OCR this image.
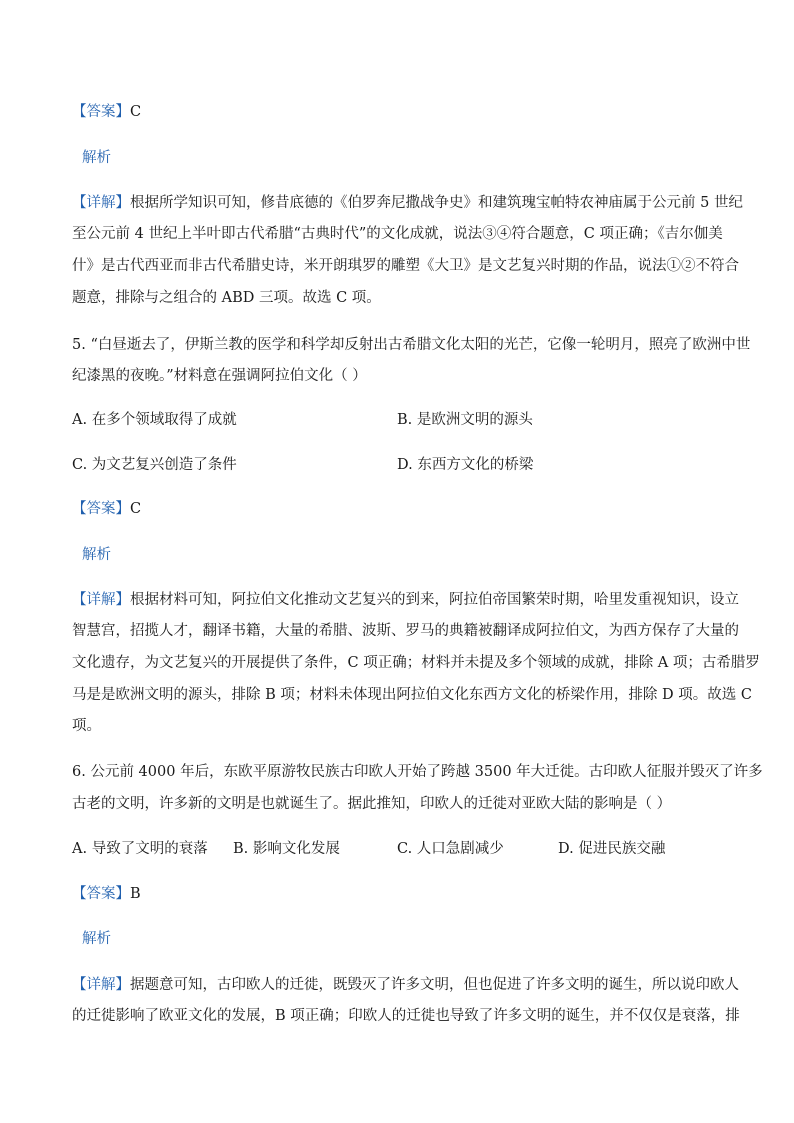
【答案】C
解析
【详解】根据所学知识可知，修昔底德的《伯罗奔尼撒战争史》和建筑瑰宝帕特农神庙属于公元前 5 世纪
至公元前 4 世纪上半叶即古代希腊“古典时代”的文化成就，说法③④符合题意，C 项正确；《吉尔伽美
什》是古代西亚而非古代希腊史诗，米开朗琪罗的雕塑《大卫》是文艺复兴时期的作品，说法①②不符合
题意，排除与之组合的 ABD 三项。故选 C 项。
5. “白昼逝去了，伊斯兰教的医学和科学却反射出古希腊文化太阳的光芒，它像一轮明月，照亮了欧洲中世
纪漆黑的夜晚。”材料意在强调阿拉伯文化（ ）
A. 在多个领域取得了成就	B. 是欧洲文明的源头
C. 为文艺复兴创造了条件	D. 东西方文化的桥梁
【答案】C
解析
【详解】根据材料可知，阿拉伯文化推动文艺复兴的到来，阿拉伯帝国繁荣时期，哈里发重视知识，设立
智慧宫，招揽人才，翻译书籍，大量的希腊、波斯、罗马的典籍被翻译成阿拉伯文，为西方保存了大量的
文化遗存，为文艺复兴的开展提供了条件，C 项正确；材料并未提及多个领域的成就，排除 A 项；古希腊罗
马是是欧洲文明的源头，排除 B 项；材料未体现出阿拉伯文化东西方文化的桥梁作用，排除 D 项。故选 C
项。
6. 公元前 4000 年后，东欧平原游牧民族古印欧人开始了跨越 3500 年大迁徙。古印欧人征服并毁灭了许多
古老的文明，许多新的文明是也就诞生了。据此推知，印欧人的迁徙对亚欧大陆的影响是（ ）
A. 导致了文明的衰落 B. 影响文化发展	C. 人口急剧减少	D. 促进民族交融
【答案】B
解析
【详解】据题意可知，古印欧人的迁徙，既毁灭了许多文明，但也促进了许多文明的诞生，所以说印欧人
的迁徙影响了欧亚文化的发展，B 项正确；印欧人的迁徙也导致了许多文明的诞生，并不仅仅是衰落，排
